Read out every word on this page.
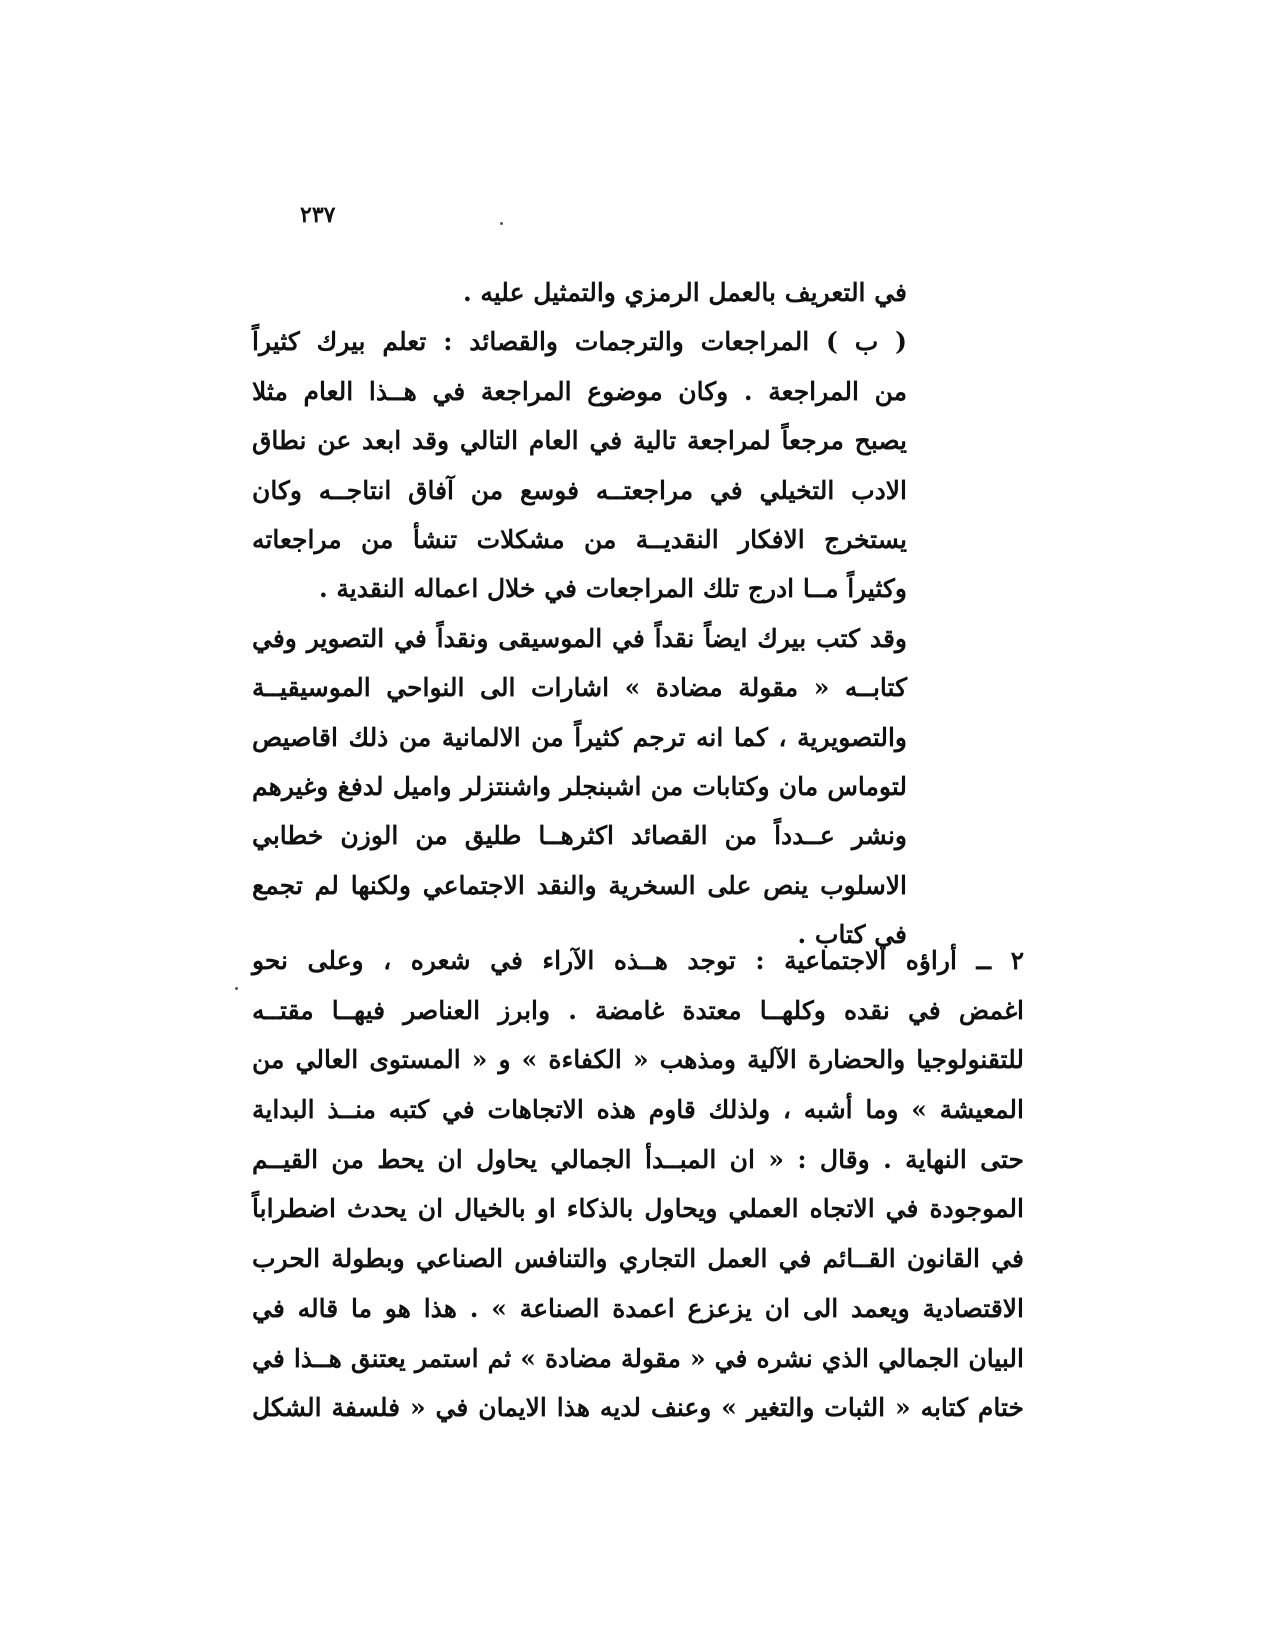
٢٣٧
في التعريف بالعمل الرمزي والتمثيل عليه .
( ب ) المراجعات والترجمات والقصائد : تعلم بيرك كثيراً
من المراجعة . وكان موضوع المراجعة في هــذا العام مثلا
يصبح مرجعاً لمراجعة تالية في العام التالي وقد ابعد عن نطاق
الادب التخيلي في مراجعتــه فوسع من آفاق انتاجــه وكان
يستخرج الافكار النقديــة من مشكلات تنشأ من مراجعاته
وكثيراً مــا ادرج تلك المراجعات في خلال اعماله النقدية .
وقد كتب بيرك ايضاً نقداً في الموسيقى ونقداً في التصوير وفي
كتابــه « مقولة مضادة » اشارات الى النواحي الموسيقيــة
والتصويرية ، كما انه ترجم كثيراً من الالمانية من ذلك اقاصيص
لتوماس مان وكتابات من اشبنجلر واشنتزلر واميل لدفغ وغيرهم
ونشر عــدداً من القصائد اكثرهــا طليق من الوزن خطابي
الاسلوب ينص على السخرية والنقد الاجتماعي ولكنها لم تجمع
في كتاب .
٢ ــ أراؤه الاجتماعية : توجد هــذه الآراء في شعره ، وعلى نحو
اغمض في نقده وكلهــا معتدة غامضة . وابرز العناصر فيهــا مقتــه
للتقنولوجيا والحضارة الآلية ومذهب « الكفاءة » و « المستوى العالي من
المعيشة » وما أشبه ، ولذلك قاوم هذه الاتجاهات في كتبه منــذ البداية
حتى النهاية . وقال : « ان المبــدأ الجمالي يحاول ان يحط من القيــم
الموجودة في الاتجاه العملي ويحاول بالذكاء او بالخيال ان يحدث اضطراباً
في القانون القــائم في العمل التجاري والتنافس الصناعي وبطولة الحرب
الاقتصادية ويعمد الى ان يزعزع اعمدة الصناعة » . هذا هو ما قاله في
البيان الجمالي الذي نشره في « مقولة مضادة » ثم استمر يعتنق هــذا في
ختام كتابه « الثبات والتغير » وعنف لديه هذا الايمان في « فلسفة الشكل
